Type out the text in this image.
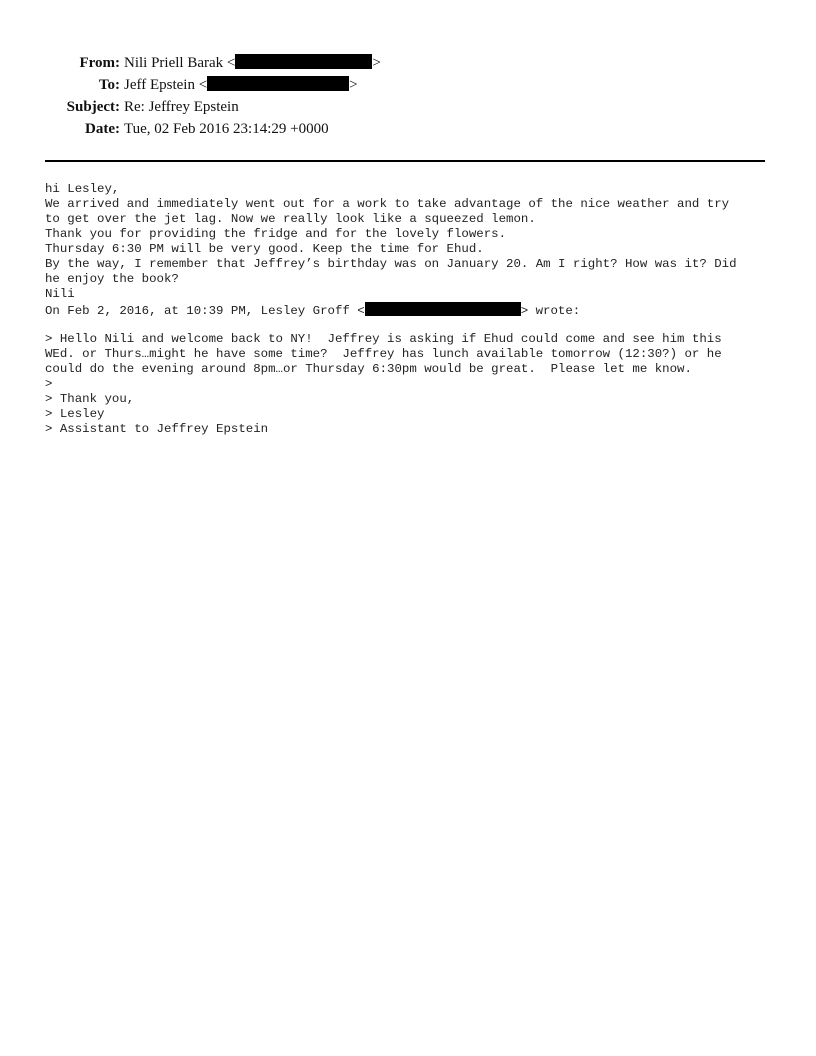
From: Nili Priell Barak <	>
To: Jeff Epstein <	>
Subject: Re: Jeffrey Epstein
Date: Tue, 02 Feb 2016 23:14:29 +0000
hi Lesley,
We arrived and immediately went out for a work to take advantage of the nice weather and try
to get over the jet lag. Now we really look like a squeezed lemon.
Thank you for providing the fridge and for the lovely flowers.
Thursday 6:30 PM will be very good. Keep the time for Ehud.
By the way, I remember that Jeffrey’s birthday was on January 20. Am I right? How was it? Did
he enjoy the book?
Nili
On Feb 2, 2016, at 10:39 PM, Lesley Groff <	> wrote:
> Hello Nili and welcome back to NY!  Jeffrey is asking if Ehud could come and see him this
WEd. or Thurs…might he have some time?  Jeffrey has lunch available tomorrow (12:30?) or he
could do the evening around 8pm…or Thursday 6:30pm would be great.  Please let me know.
>
> Thank you,
> Lesley
> Assistant to Jeffrey Epstein
